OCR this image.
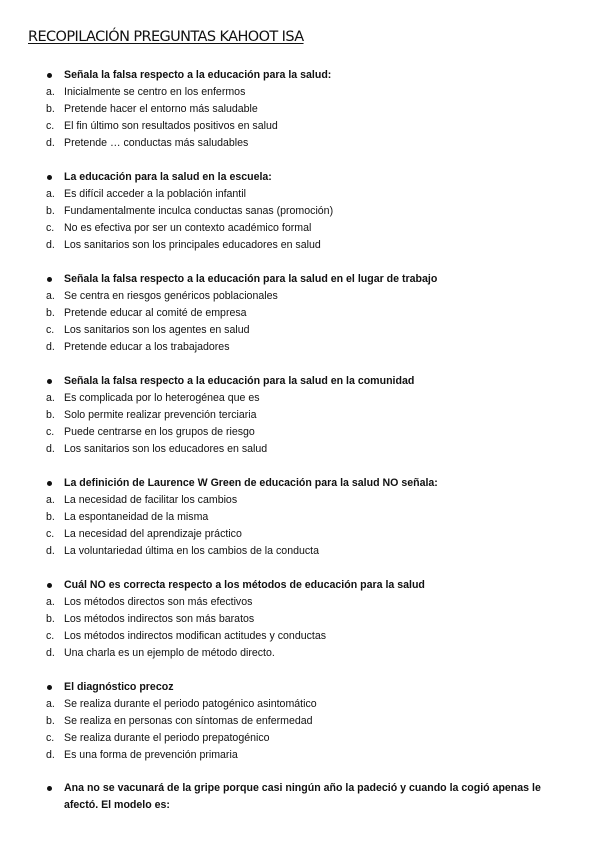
RECOPILACIÓN PREGUNTAS KAHOOT ISA
Señala la falsa respecto a la educación para la salud:
a. Inicialmente se centro en los enfermos
b. Pretende hacer el entorno más saludable
c. El fin último son resultados positivos en salud
d. Pretende … conductas más saludables
La educación para la salud en la escuela:
a. Es difícil acceder a la población infantil
b. Fundamentalmente inculca conductas sanas (promoción)
c. No es efectiva por ser un contexto académico formal
d. Los sanitarios son los principales educadores en salud
Señala la falsa respecto a la educación para la salud en el lugar de trabajo
a. Se centra en riesgos genéricos poblacionales
b. Pretende educar al comité de empresa
c. Los sanitarios son los agentes en salud
d. Pretende educar a los trabajadores
Señala la falsa respecto a la educación para la salud en la comunidad
a. Es complicada por lo heterogénea que es
b. Solo permite realizar prevención terciaria
c. Puede centrarse en los grupos de riesgo
d. Los sanitarios son los educadores en salud
La definición de Laurence W Green de educación para la salud NO señala:
a. La necesidad de facilitar los cambios
b. La espontaneidad de la misma
c. La necesidad del aprendizaje práctico
d. La voluntariedad última en los cambios de la conducta
Cuál NO es correcta respecto a los métodos de educación para la salud
a. Los métodos directos son más efectivos
b. Los métodos indirectos son más baratos
c. Los métodos indirectos modifican actitudes y conductas
d. Una charla es un ejemplo de método directo.
El diagnóstico precoz
a. Se realiza durante el periodo patogénico asintomático
b. Se realiza en personas con síntomas de enfermedad
c. Se realiza durante el periodo prepatogénico
d. Es una forma de prevención primaria
Ana no se vacunará de la gripe porque casi ningún año la padeció y cuando la cogió apenas le afectó. El modelo es:
